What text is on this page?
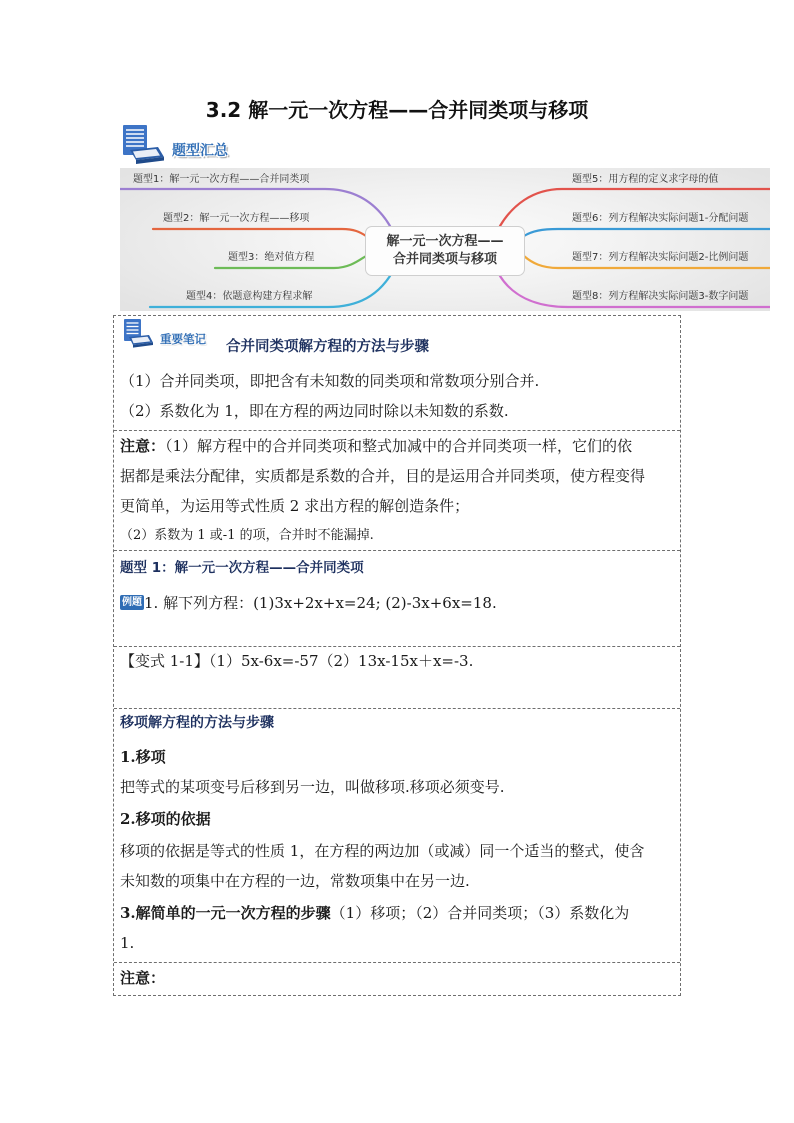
3.2 解一元一次方程——合并同类项与移项
题型汇总
题型1：解一元一次方程——合并同类项
题型2：解一元一次方程——移项
题型3：绝对值方程
题型4：依题意构建方程求解
题型5：用方程的定义求字母的值
题型6：列方程解决实际问题1-分配问题
题型7：列方程解决实际问题2-比例问题
题型8：列方程解决实际问题3-数字问题
解一元一次方程——
合并同类项与移项
重要笔记 合并同类项解方程的方法与步骤
（1）合并同类项，即把含有未知数的同类项和常数项分别合并.
（2）系数化为 1，即在方程的两边同时除以未知数的系数.
注意：（1）解方程中的合并同类项和整式加减中的合并同类项一样，它们的依
据都是乘法分配律，实质都是系数的合并，目的是运用合并同类项，使方程变得
更简单，为运用等式性质 2 求出方程的解创造条件；
（2）系数为 1 或-1 的项，合并时不能漏掉.
题型 1：解一元一次方程——合并同类项
例题 1. 解下列方程：(1)3x+2x+x=24; (2)-3x+6x=18.
【变式 1-1】（1）5x-6x=-57（2）13x-15x＋x=-3.
移项解方程的方法与步骤
1.移项
把等式的某项变号后移到另一边，叫做移项.移项必须变号.
2.移项的依据
移项的依据是等式的性质 1，在方程的两边加（或减）同一个适当的整式，使含
未知数的项集中在方程的一边，常数项集中在另一边.
3.解简单的一元一次方程的步骤（1）移项；（2）合并同类项；（3）系数化为
1.
注意：
